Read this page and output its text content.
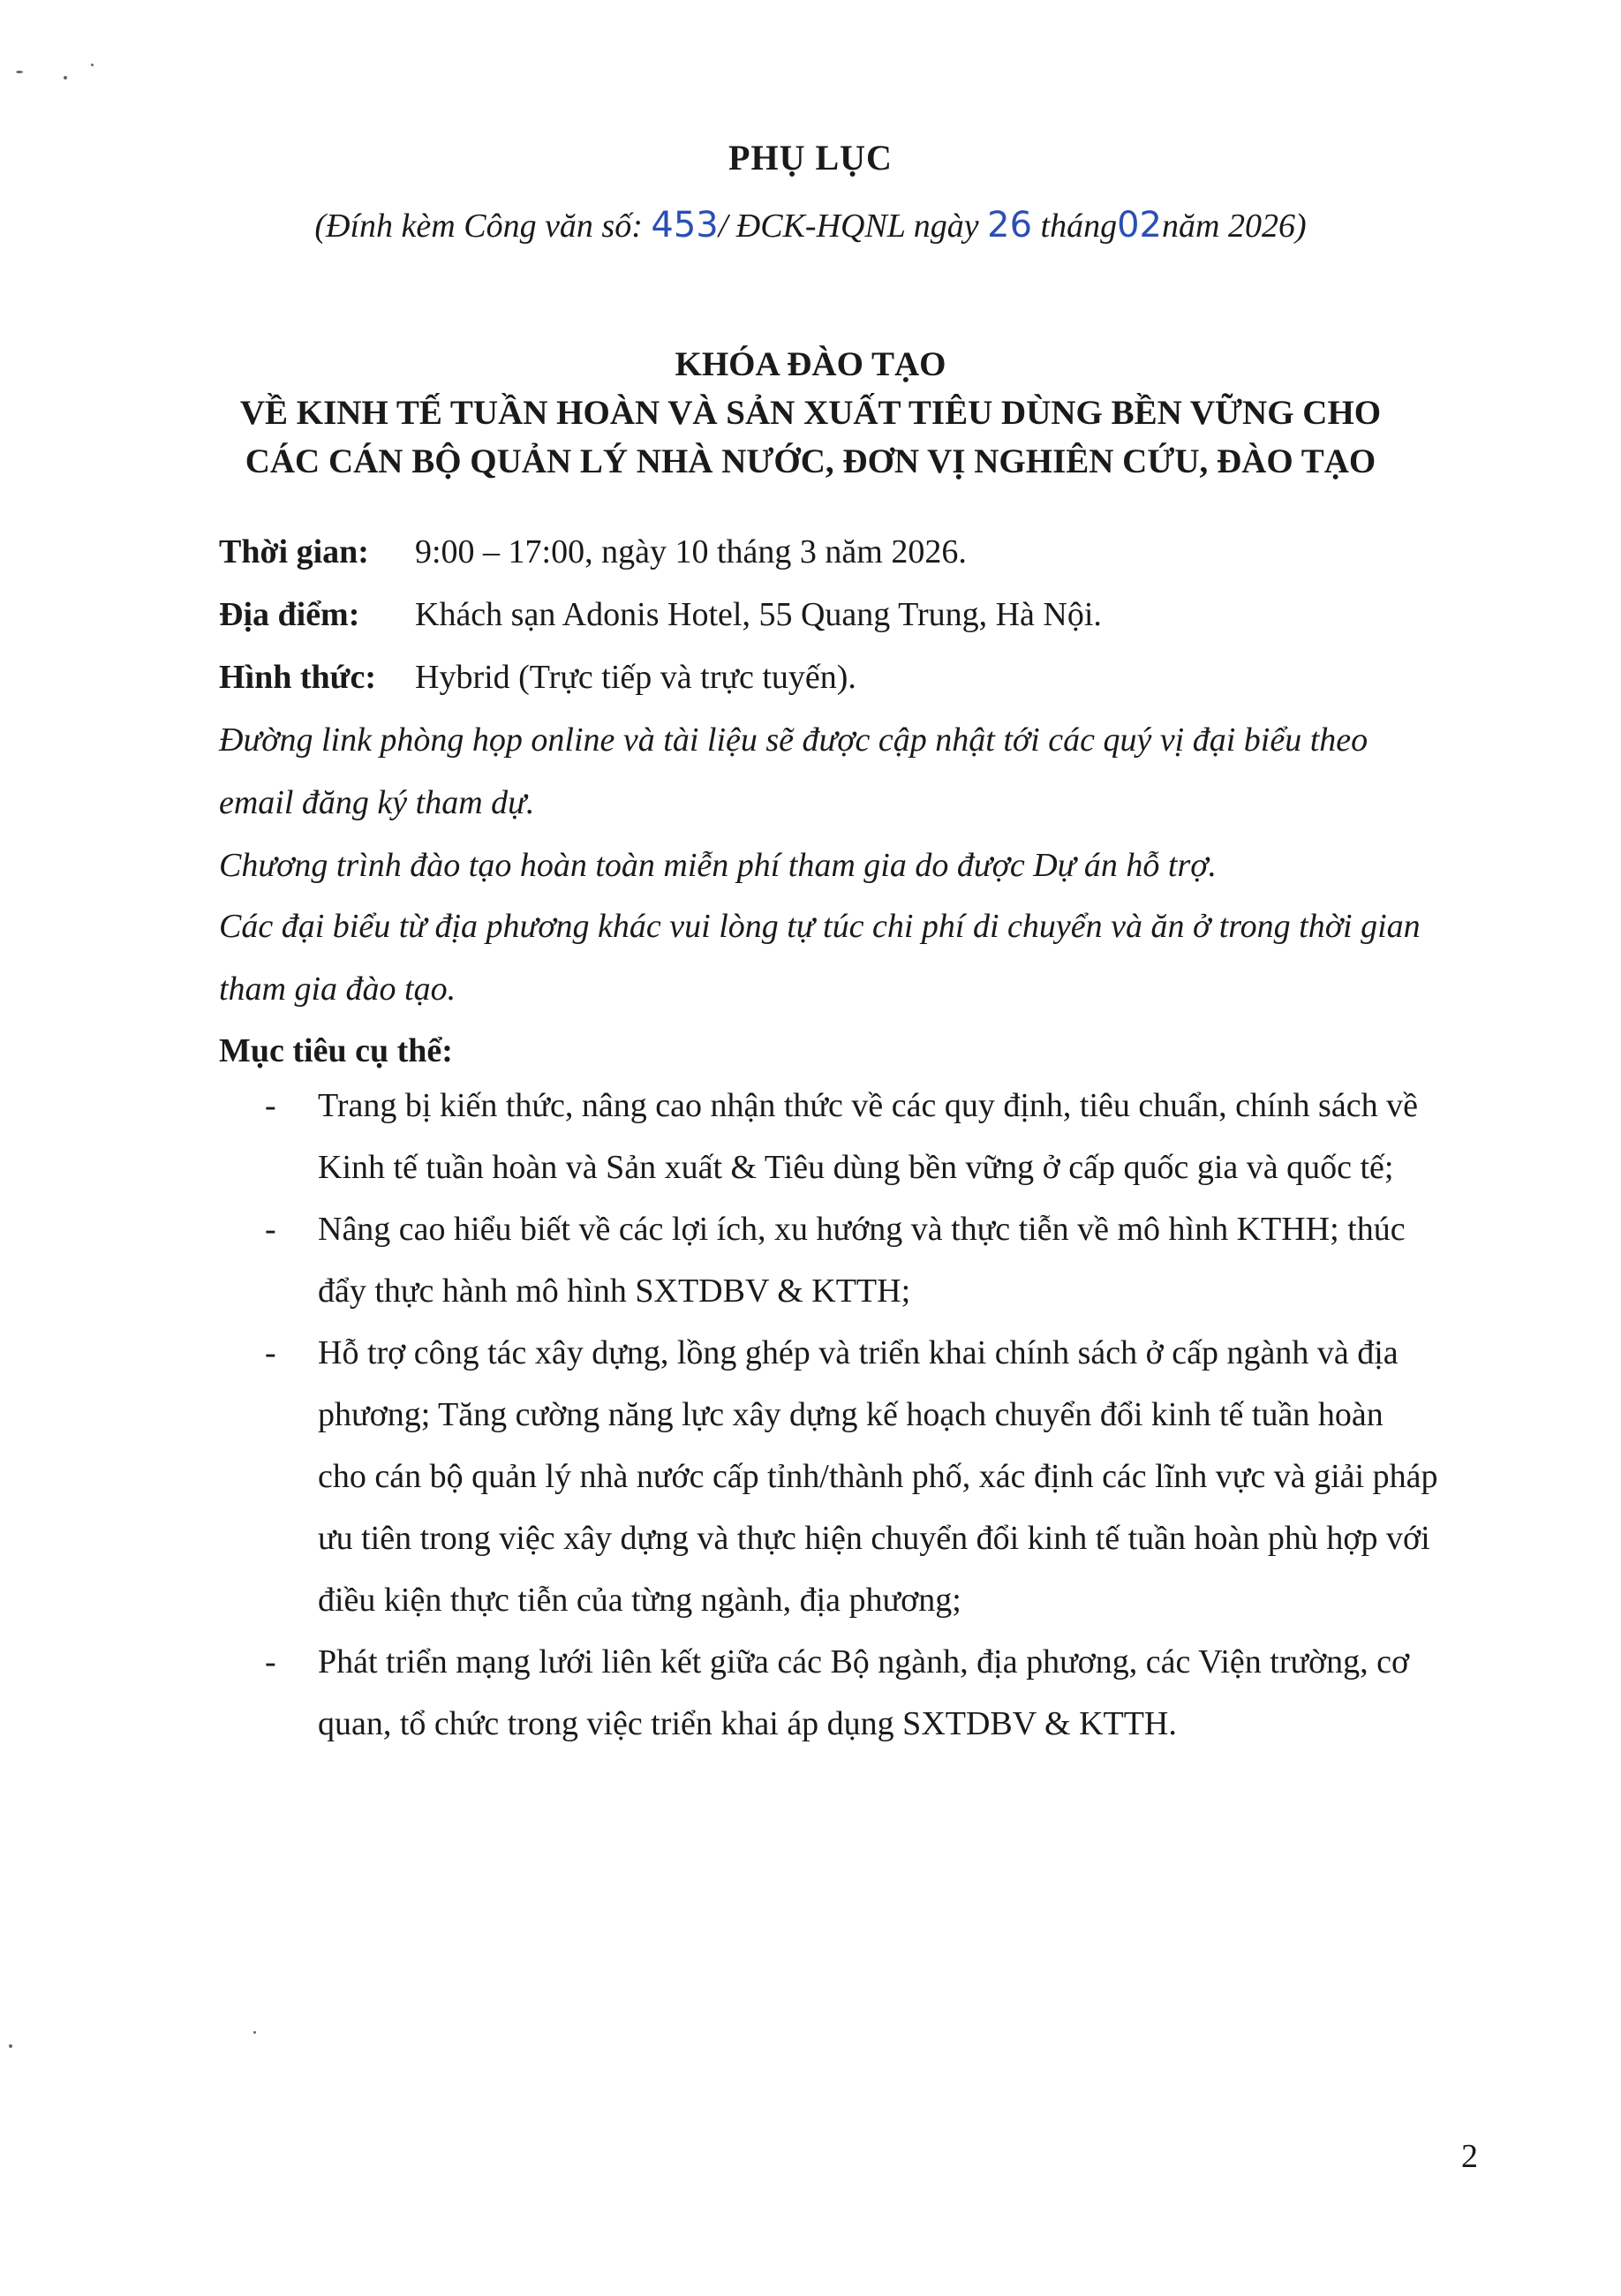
PHỤ LỤC
(Đính kèm Công văn số: 453/ ĐCK-HQNL ngày 26 tháng02năm 2026)
KHÓA ĐÀO TẠO
VỀ KINH TẾ TUẦN HOÀN VÀ SẢN XUẤT TIÊU DÙNG BỀN VỮNG CHO
CÁC CÁN BỘ QUẢN LÝ NHÀ NƯỚC, ĐƠN VỊ NGHIÊN CỨU, ĐÀO TẠO
Thời gian: 9:00 – 17:00, ngày 10 tháng 3 năm 2026.
Địa điểm: Khách sạn Adonis Hotel, 55 Quang Trung, Hà Nội.
Hình thức: Hybrid (Trực tiếp và trực tuyến).
Đường link phòng họp online và tài liệu sẽ được cập nhật tới các quý vị đại biểu theo
email đăng ký tham dự.
Chương trình đào tạo hoàn toàn miễn phí tham gia do được Dự án hỗ trợ.
Các đại biểu từ địa phương khác vui lòng tự túc chi phí di chuyển và ăn ở trong thời gian
tham gia đào tạo.
Mục tiêu cụ thể:
- Trang bị kiến thức, nâng cao nhận thức về các quy định, tiêu chuẩn, chính sách về
Kinh tế tuần hoàn và Sản xuất & Tiêu dùng bền vững ở cấp quốc gia và quốc tế;
- Nâng cao hiểu biết về các lợi ích, xu hướng và thực tiễn về mô hình KTHH; thúc
đẩy thực hành mô hình SXTDBV & KTTH;
- Hỗ trợ công tác xây dựng, lồng ghép và triển khai chính sách ở cấp ngành và địa
phương; Tăng cường năng lực xây dựng kế hoạch chuyển đổi kinh tế tuần hoàn
cho cán bộ quản lý nhà nước cấp tỉnh/thành phố, xác định các lĩnh vực và giải pháp
ưu tiên trong việc xây dựng và thực hiện chuyển đổi kinh tế tuần hoàn phù hợp với
điều kiện thực tiễn của từng ngành, địa phương;
- Phát triển mạng lưới liên kết giữa các Bộ ngành, địa phương, các Viện trường, cơ
quan, tổ chức trong việc triển khai áp dụng SXTDBV & KTTH.
2
